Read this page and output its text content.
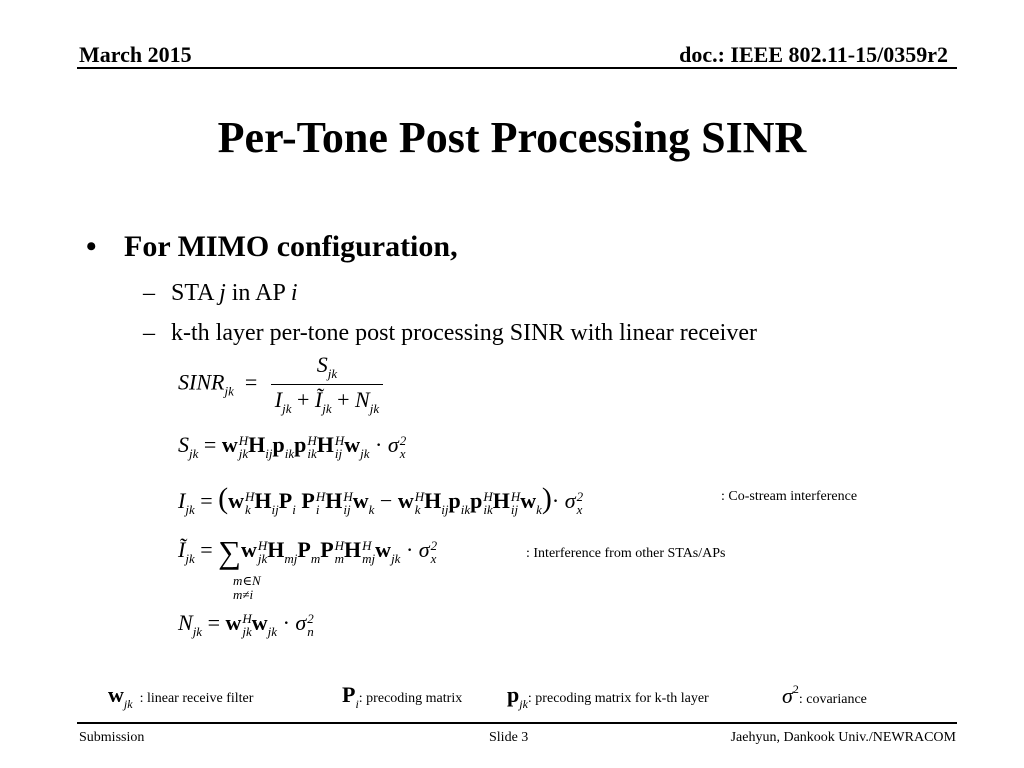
March 2015	doc.: IEEE 802.11-15/0359r2
Per-Tone Post Processing SINR
• For MIMO configuration,
– STA j in AP i
– k-th layer per-tone post processing SINR with linear receiver
$SINR_{jk} = \frac{S_{jk}}{I_{jk} + Ĩ_{jk} + N_{jk}}$
$S_{jk} = w$ H
jk $H_{ij}p_{ik}p$ H
ik H H
ij $w_{jk} \cdot \sigma$ 2
x
$I_{jk} = (w$ H
k $H_{ij}P_i$ P H
i H H
ij $w_k - w$ H
k $H_{ij}p_{ik}p$ H
ik H H
ij $w_k)\cdot \sigma$ 2
x
: Co-stream interference
$Ĩ_{jk} = \sum w$ H
jk $H_{mj}P_mP$ H
m H H
mj $w_{jk} \cdot \sigma$ 2
x
m∈N
m≠i
: Interference from other STAs/APs
$N_{jk} = w$ H
jk $w_{jk} \cdot \sigma$ 2
n
$w_{jk}$ : linear receive filter	$P_i$: precoding matrix $p_{jk}$: precoding matrix for k-th layer	$\sigma^2$: covariance
Submission	Slide 3	Jaehyun, Dankook Univ./NEWRACOM
